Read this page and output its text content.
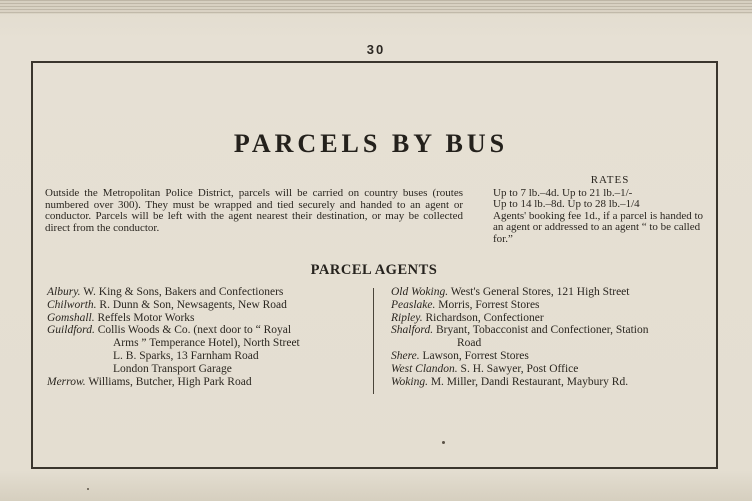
30
PARCELS BY BUS
Outside the Metropolitan Police District, parcels will be carried on country buses (routes numbered over 300). They must be wrapped and tied securely and handed to an agent or conductor. Parcels will be left with the agent nearest their destination, or may be collected direct from the conductor.
RATES
Up to 7 lb.–4d. Up to 21 lb.–1/-
Up to 14 lb.–8d. Up to 28 lb.–1/4
Agents' booking fee 1d., if a parcel is handed to an agent or addressed to an agent “ to be called for.”
PARCEL AGENTS
Albury. W. King & Sons, Bakers and Confectioners
Chilworth. R. Dunn & Son, Newsagents, New Road
Gomshall. Reffels Motor Works
Guildford. Collis Woods & Co. (next door to “ Royal
Arms ” Temperance Hotel), North Street
L. B. Sparks, 13 Farnham Road
London Transport Garage
Merrow. Williams, Butcher, High Park Road
Old Woking. West's General Stores, 121 High Street
Peaslake. Morris, Forrest Stores
Ripley. Richardson, Confectioner
Shalford. Bryant, Tobacconist and Confectioner, Station
Road
Shere. Lawson, Forrest Stores
West Clandon. S. H. Sawyer, Post Office
Woking. M. Miller, Dandi Restaurant, Maybury Rd.
